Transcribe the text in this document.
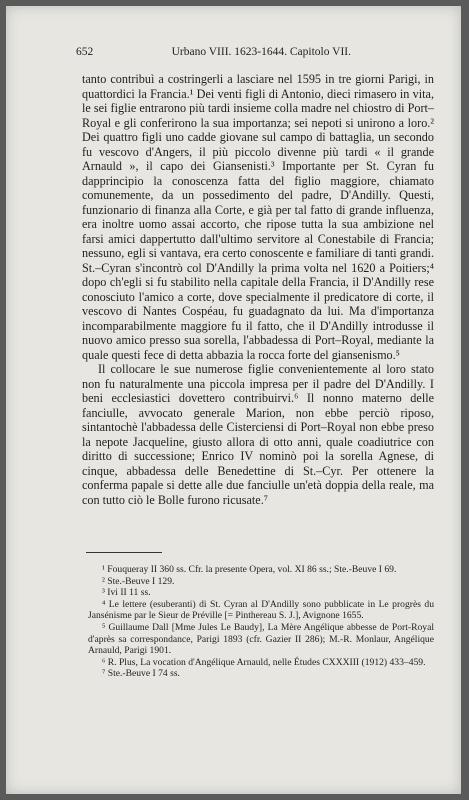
652	Urbano VIII. 1623-1644. Capitolo VII.

tanto contribuì a costringerli a lasciare nel 1595 in tre giorni Parigi, in quattordici la Francia.¹ Dei venti figli di Antonio, dieci rimasero in vita, le sei figlie entrarono più tardi insieme colla madre nel chiostro di Port–Royal e gli conferirono la sua importanza; sei nepoti si unirono a loro.² Dei quattro figli uno cadde giovane sul campo di battaglia, un secondo fu vescovo d'Angers, il più piccolo divenne più tardi « il grande Arnauld », il capo dei Giansenisti.³ Importante per St. Cyran fu dapprincipio la conoscenza fatta del figlio maggiore, chiamato comunemente, da un possedimento del padre, D'Andilly. Questi, funzionario di finanza alla Corte, e già per tal fatto di grande influenza, era inoltre uomo assai accorto, che ripose tutta la sua ambizione nel farsi amici dappertutto dall'ultimo servitore al Conestabile di Francia; nessuno, egli si vantava, era certo conoscente e familiare di tanti grandi. St.–Cyran s'incontrò col D'Andilly la prima volta nel 1620 a Poitiers;⁴ dopo ch'egli si fu stabilito nella capitale della Francia, il D'Andilly rese conosciuto l'amico a corte, dove specialmente il predicatore di corte, il vescovo di Nantes Cospéau, fu guadagnato da lui. Ma d'importanza incomparabilmente maggiore fu il fatto, che il D'Andilly introdusse il nuovo amico presso sua sorella, l'abbadessa di Port–Royal, mediante la quale questi fece di detta abbazia la rocca forte del giansenismo.⁵

Il collocare le sue numerose figlie convenientemente al loro stato non fu naturalmente una piccola impresa per il padre del D'Andilly. I beni ecclesiastici dovettero contribuirvi.⁶ Il nonno materno delle fanciulle, avvocato generale Marion, non ebbe perciò riposo, sintantochè l'abbadessa delle Cisterciensi di Port–Royal non ebbe preso la nepote Jacqueline, giusto allora di otto anni, quale coadiutrice con diritto di successione; Enrico IV nominò poi la sorella Agnese, di cinque, abbadessa delle Benedettine di St.–Cyr. Per ottenere la conferma papale si dette alle due fanciulle un'età doppia della reale, ma con tutto ciò le Bolle furono ricusate.⁷

¹ Fouqueray II 360 ss. Cfr. la presente Opera, vol. XI 86 ss.; Ste.-Beuve I 69.

² Ste.-Beuve I 129.

³ Ivi II 11 ss.

⁴ Le lettere (esuberanti) di St. Cyran al D'Andilly sono pubblicate in Le progrès du Jansénisme par le Sieur de Préville [= Pinthereau S. J.], Avignone 1655.

⁵ Guillaume Dall [Mme Jules Le Baudy], La Mère Angélique abbesse de Port-Royal d'après sa correspondance, Parigi 1893 (cfr. Gazier II 286); M.-R. Monlaur, Angélique Arnauld, Parigi 1901.

⁶ R. Plus, La vocation d'Angélique Arnauld, nelle Études CXXXIII (1912) 433–459.

⁷ Ste.-Beuve I 74 ss.
